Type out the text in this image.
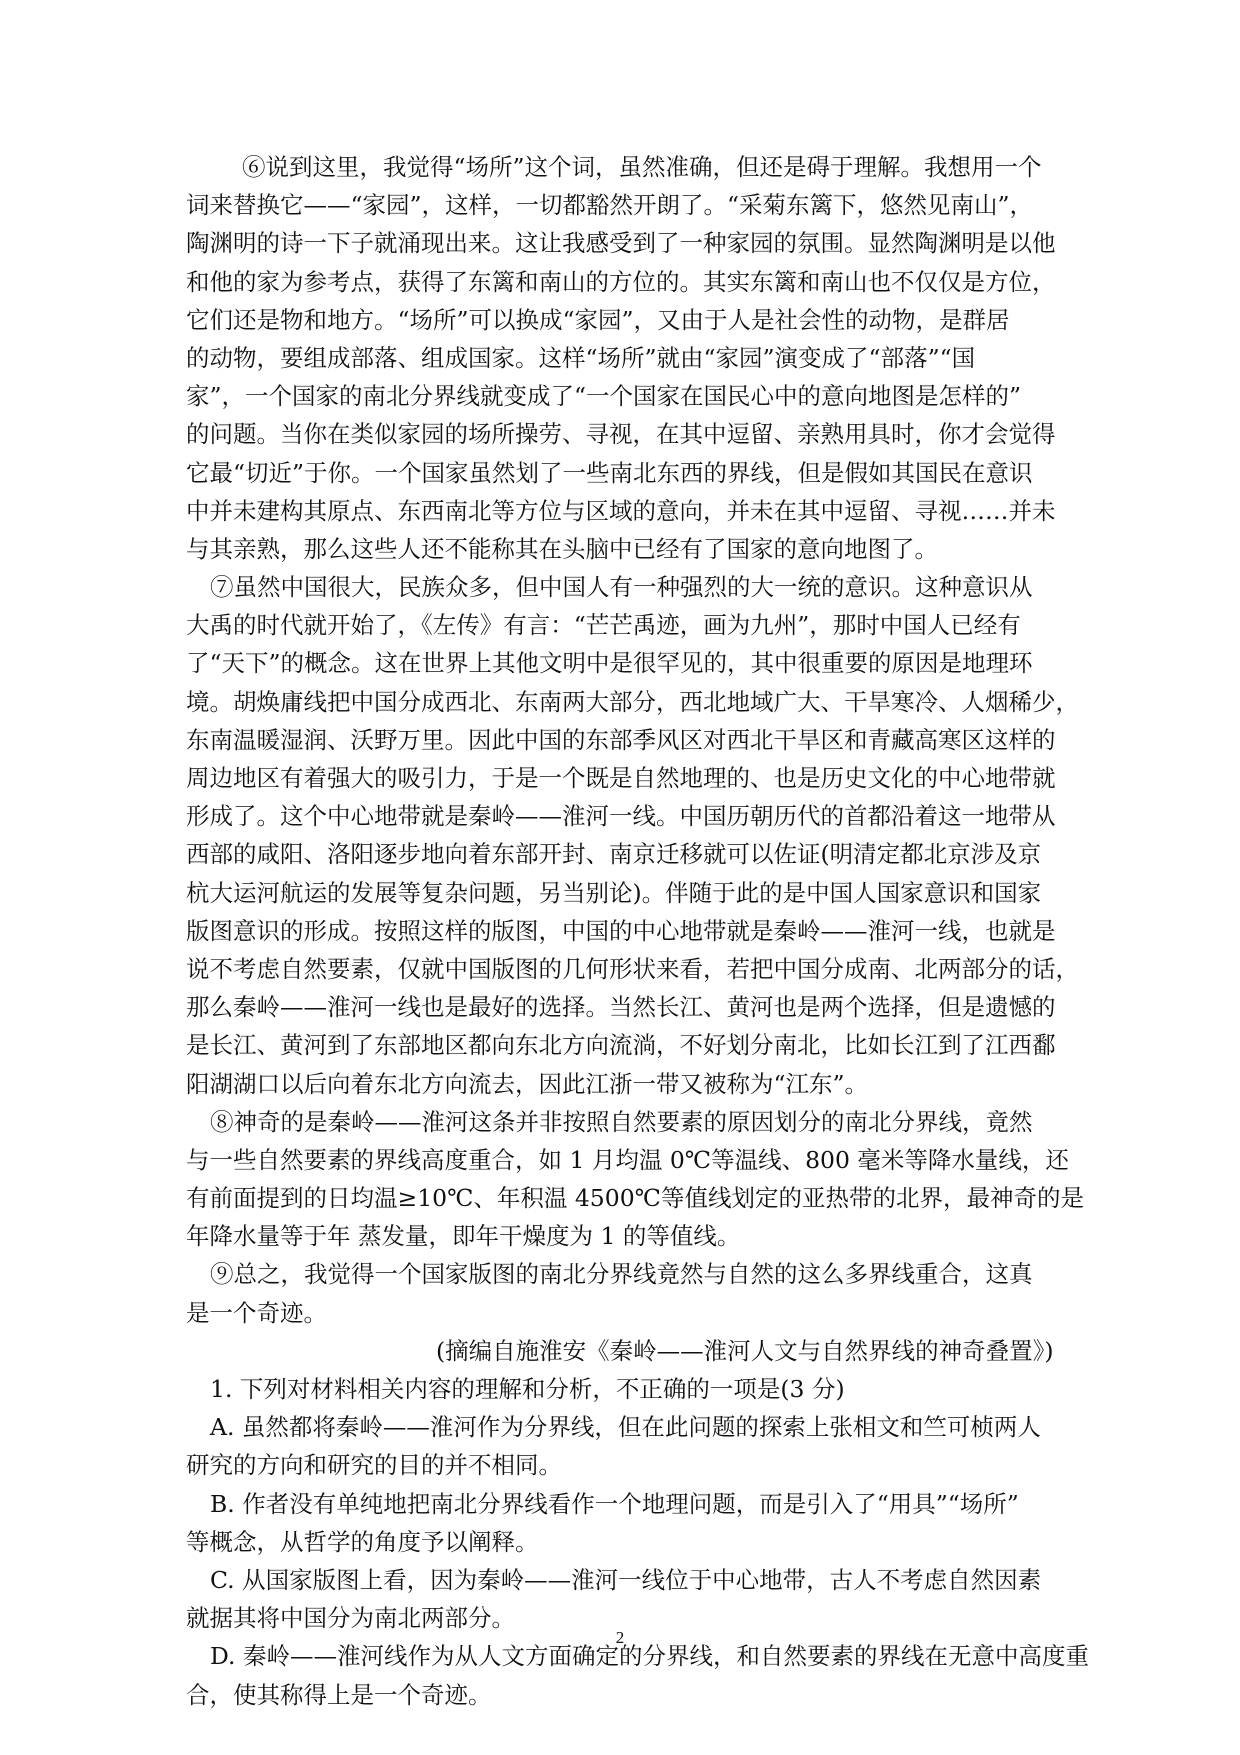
⑥说到这里，我觉得“场所”这个词，虽然准确，但还是碍于理解。我想用一个
词来替换它——“家园”，这样，一切都豁然开朗了。“采菊东篱下，悠然见南山”，
陶渊明的诗一下子就涌现出来。这让我感受到了一种家园的氛围。显然陶渊明是以他
和他的家为参考点，获得了东篱和南山的方位的。其实东篱和南山也不仅仅是方位，
它们还是物和地方。“场所”可以换成“家园”，又由于人是社会性的动物，是群居
的动物，要组成部落、组成国家。这样“场所”就由“家园”演变成了“部落”“国
家”，一个国家的南北分界线就变成了“一个国家在国民心中的意向地图是怎样的”
的问题。当你在类似家园的场所操劳、寻视，在其中逗留、亲熟用具时，你才会觉得
它最“切近”于你。一个国家虽然划了一些南北东西的界线，但是假如其国民在意识
中并未建构其原点、东西南北等方位与区域的意向，并未在其中逗留、寻视……并未
与其亲熟，那么这些人还不能称其在头脑中已经有了国家的意向地图了。
⑦虽然中国很大，民族众多，但中国人有一种强烈的大一统的意识。这种意识从
大禹的时代就开始了，《左传》有言：“芒芒禹迹，画为九州”，那时中国人已经有
了“天下”的概念。这在世界上其他文明中是很罕见的，其中很重要的原因是地理环
境。胡焕庸线把中国分成西北、东南两大部分，西北地域广大、干旱寒冷、人烟稀少，
东南温暖湿润、沃野万里。因此中国的东部季风区对西北干旱区和青藏高寒区这样的
周边地区有着强大的吸引力，于是一个既是自然地理的、也是历史文化的中心地带就
形成了。这个中心地带就是秦岭——淮河一线。中国历朝历代的首都沿着这一地带从
西部的咸阳、洛阳逐步地向着东部开封、南京迁移就可以佐证(明清定都北京涉及京
杭大运河航运的发展等复杂问题，另当别论)。伴随于此的是中国人国家意识和国家
版图意识的形成。按照这样的版图，中国的中心地带就是秦岭——淮河一线，也就是
说不考虑自然要素，仅就中国版图的几何形状来看，若把中国分成南、北两部分的话，
那么秦岭——淮河一线也是最好的选择。当然长江、黄河也是两个选择，但是遗憾的
是长江、黄河到了东部地区都向东北方向流淌，不好划分南北，比如长江到了江西鄱
阳湖湖口以后向着东北方向流去，因此江浙一带又被称为“江东”。
⑧神奇的是秦岭——淮河这条并非按照自然要素的原因划分的南北分界线，竟然
与一些自然要素的界线高度重合，如 1 月均温 0℃等温线、800 毫米等降水量线，还
有前面提到的日均温≥10℃、年积温 4500℃等值线划定的亚热带的北界，最神奇的是
年降水量等于年 蒸发量，即年干燥度为 1 的等值线。
⑨总之，我觉得一个国家版图的南北分界线竟然与自然的这么多界线重合，这真
是一个奇迹。
(摘编自施淮安《秦岭——淮河人文与自然界线的神奇叠置》)
1. 下列对材料相关内容的理解和分析，不正确的一项是(3 分)
A. 虽然都将秦岭——淮河作为分界线，但在此问题的探索上张相文和竺可桢两人
研究的方向和研究的目的并不相同。
B. 作者没有单纯地把南北分界线看作一个地理问题，而是引入了“用具”“场所”
等概念，从哲学的角度予以阐释。
C. 从国家版图上看，因为秦岭——淮河一线位于中心地带，古人不考虑自然因素
就据其将中国分为南北两部分。
D. 秦岭——淮河线作为从人文方面确定的分界线，和自然要素的界线在无意中高度重
合，使其称得上是一个奇迹。
2
